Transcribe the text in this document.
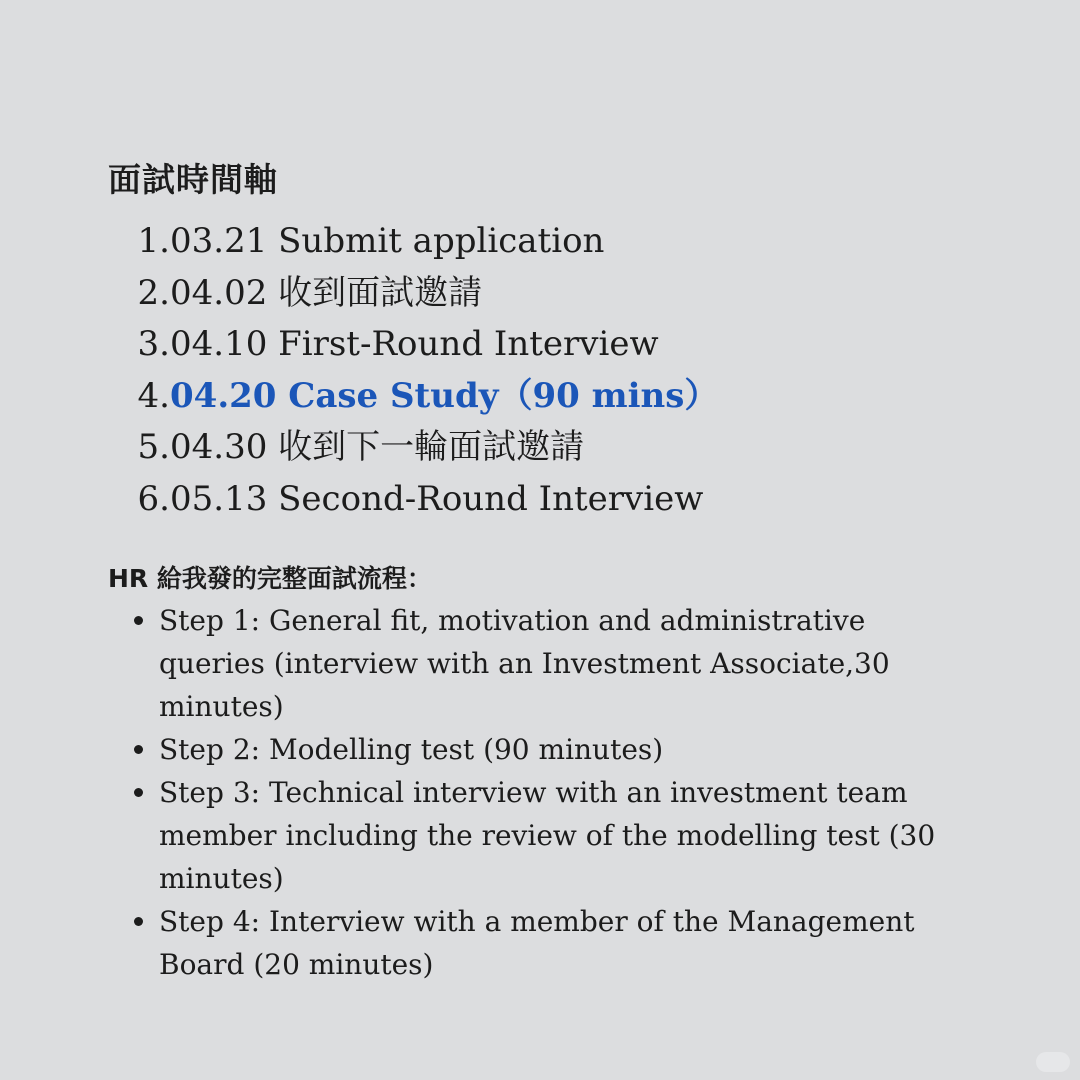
面試時間軸
1. 03.21 Submit application
2. 04.02 收到面試邀請
3. 04.10 First-Round Interview
4. 04.20 Case Study（90 mins）
5. 04.30 收到下一輪面試邀請
6. 05.13 Second-Round Interview
HR 給我發的完整面試流程：
Step 1: General fit, motivation and administrative queries (interview with an Investment Associate,30 minutes)
Step 2: Modelling test (90 minutes)
Step 3: Technical interview with an investment team member including the review of the modelling test (30 minutes)
Step 4: Interview with a member of the Management Board (20 minutes)
